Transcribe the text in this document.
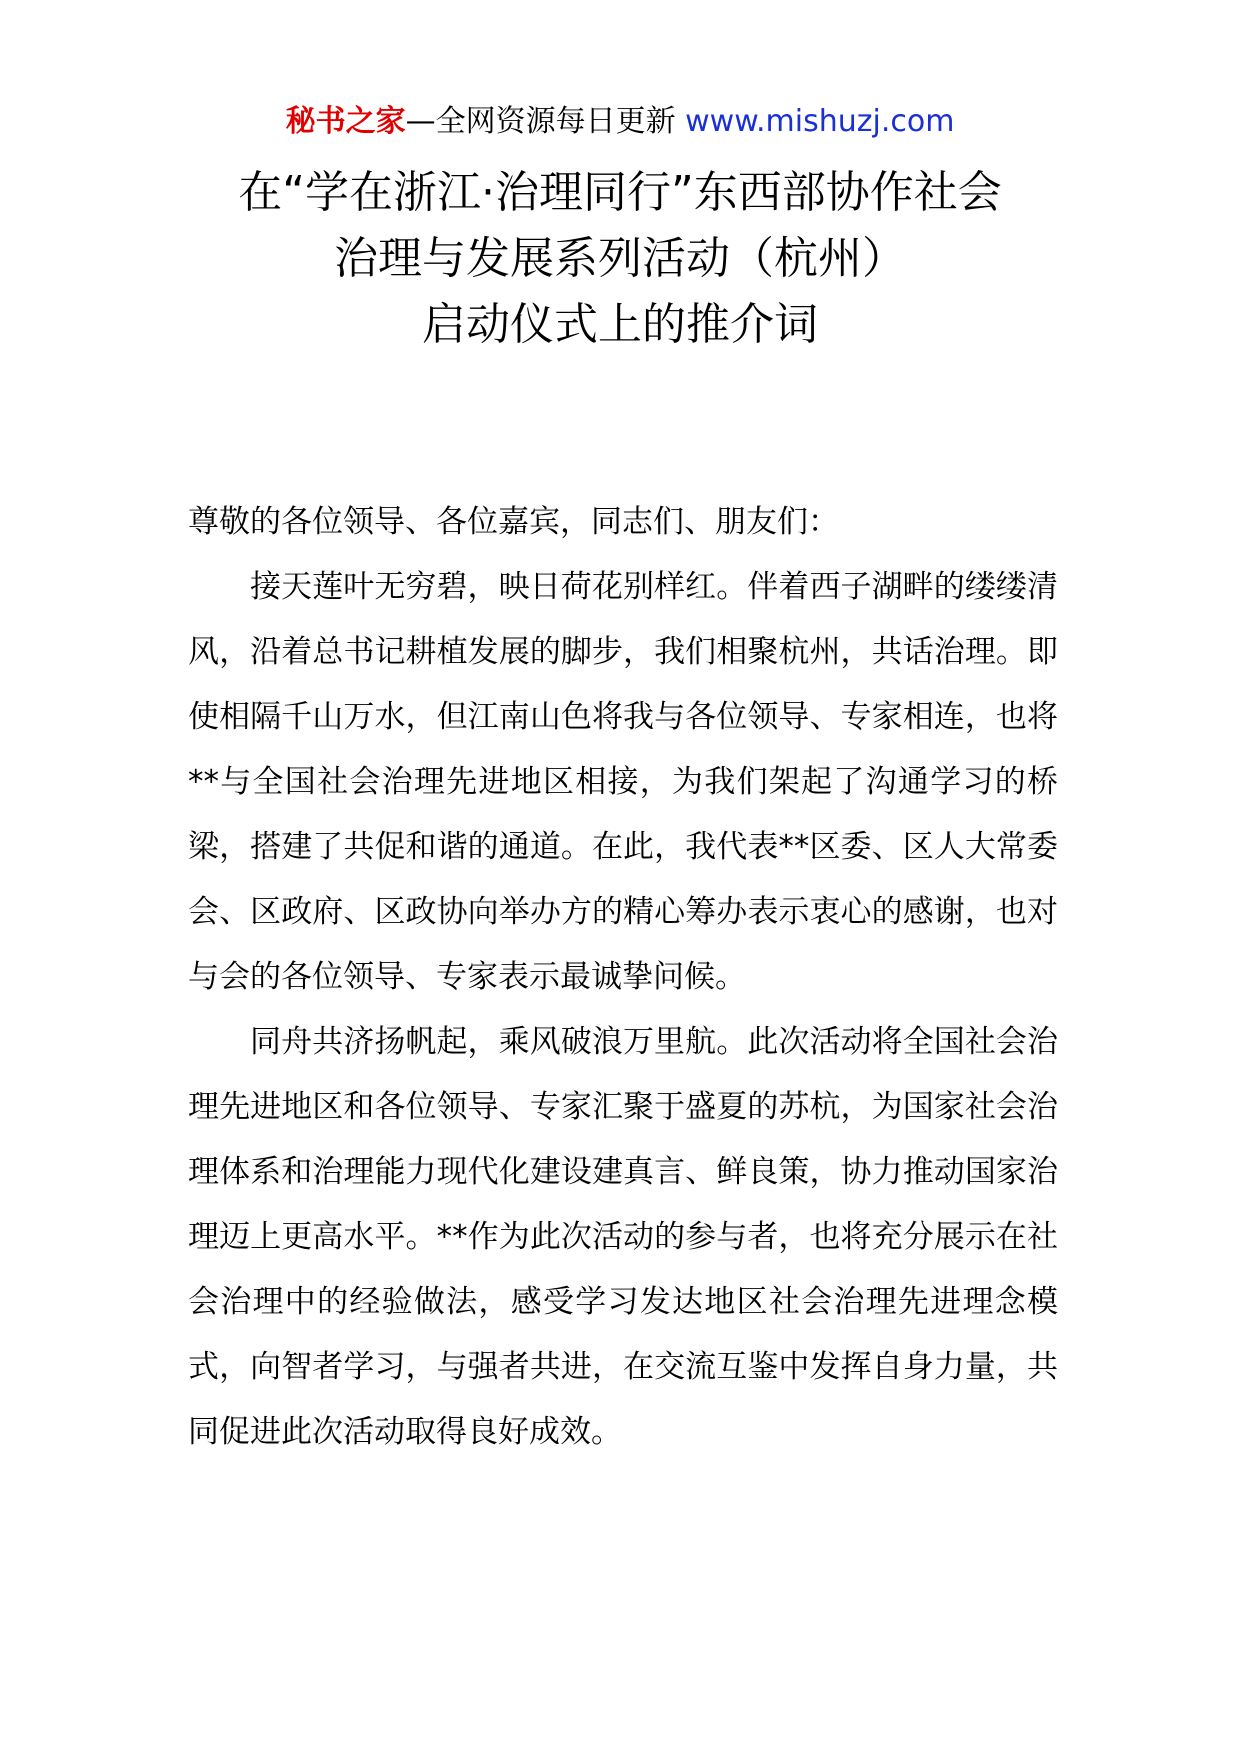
秘书之家—全网资源每日更新 www.mishuzj.com
在“学在浙江·治理同行”东西部协作社会
治理与发展系列活动（杭州）
启动仪式上的推介词

尊敬的各位领导、各位嘉宾，同志们、朋友们：

接天莲叶无穷碧，映日荷花别样红。伴着西子湖畔的缕缕清风，沿着总书记耕植发展的脚步，我们相聚杭州，共话治理。即使相隔千山万水，但江南山色将我与各位领导、专家相连，也将**与全国社会治理先进地区相接，为我们架起了沟通学习的桥梁，搭建了共促和谐的通道。在此，我代表**区委、区人大常委会、区政府、区政协向举办方的精心筹办表示衷心的感谢，也对与会的各位领导、专家表示最诚挚问候。

同舟共济扬帆起，乘风破浪万里航。此次活动将全国社会治理先进地区和各位领导、专家汇聚于盛夏的苏杭，为国家社会治理体系和治理能力现代化建设建真言、鲜良策，协力推动国家治理迈上更高水平。**作为此次活动的参与者，也将充分展示在社会治理中的经验做法，感受学习发达地区社会治理先进理念模式，向智者学习，与强者共进，在交流互鉴中发挥自身力量，共同促进此次活动取得良好成效。
